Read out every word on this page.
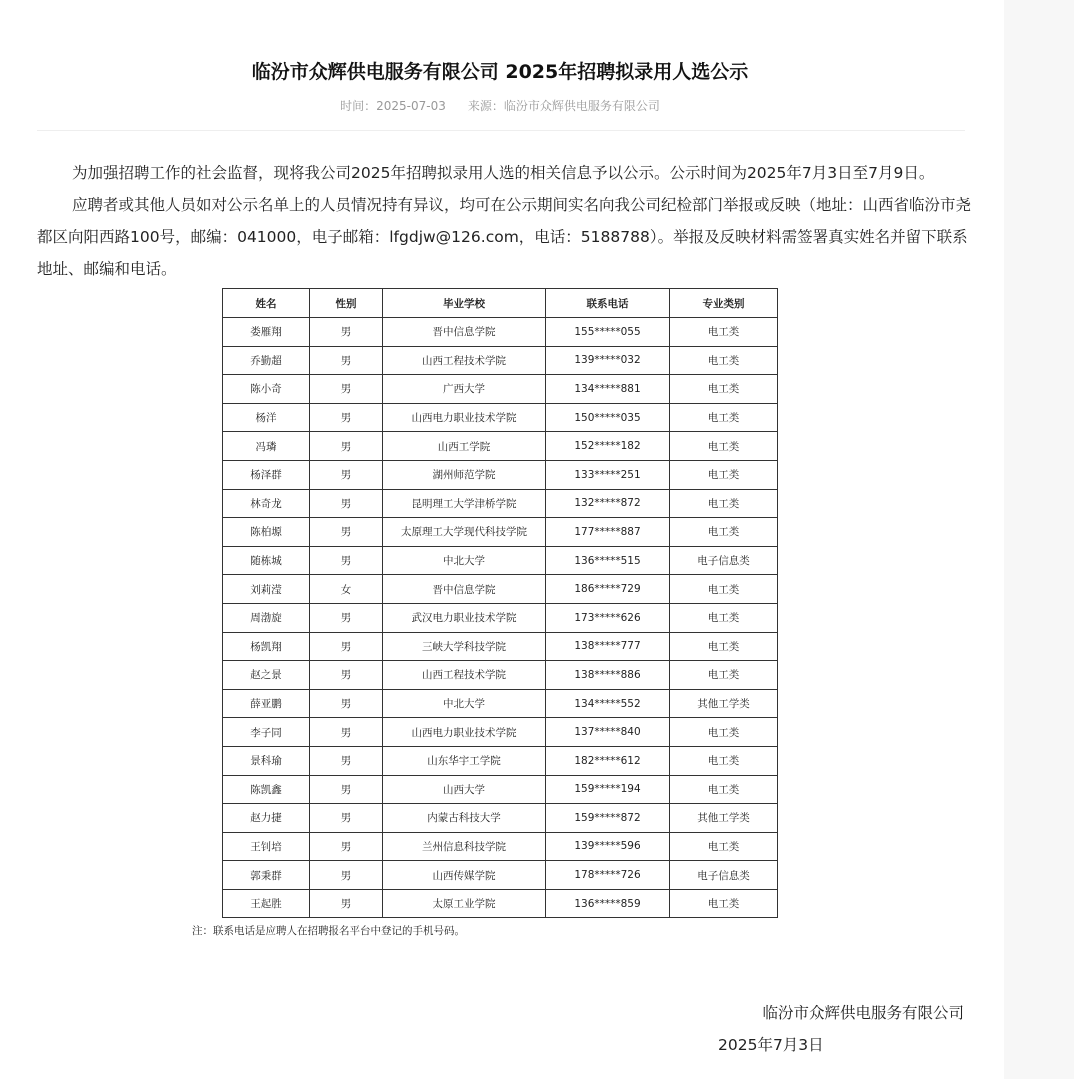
临汾市众辉供电服务有限公司 2025年招聘拟录用人选公示
时间：2025-07-03 来源：临汾市众辉供电服务有限公司
为加强招聘工作的社会监督，现将我公司2025年招聘拟录用人选的相关信息予以公示。公示时间为2025年7月3日至7月9日。
应聘者或其他人员如对公示名单上的人员情况持有异议，均可在公示期间实名向我公司纪检部门举报或反映（地址：山西省临汾市尧都区向阳西路100号，邮编：041000，电子邮箱：lfgdjw@126.com，电话：5188788）。举报及反映材料需签署真实姓名并留下联系地址、邮编和电话。
姓名	性别	毕业学校	联系电话	专业类别
娄雁翔	男	晋中信息学院	155*****055	电工类
乔勤超	男	山西工程技术学院	139*****032	电工类
陈小奇	男	广西大学	134*****881	电工类
杨洋	男	山西电力职业技术学院	150*****035	电工类
冯璘	男	山西工学院	152*****182	电工类
杨泽群	男	湖州师范学院	133*****251	电工类
林奇龙	男	昆明理工大学津桥学院	132*****872	电工类
陈柏塬	男	太原理工大学现代科技学院	177*****887	电工类
随栋城	男	中北大学	136*****515	电子信息类
刘莉滢	女	晋中信息学院	186*****729	电工类
周渤旋	男	武汉电力职业技术学院	173*****626	电工类
杨凯翔	男	三峡大学科技学院	138*****777	电工类
赵之景	男	山西工程技术学院	138*****886	电工类
薛亚鹏	男	中北大学	134*****552	其他工学类
李子同	男	山西电力职业技术学院	137*****840	电工类
景科瑜	男	山东华宇工学院	182*****612	电工类
陈凯鑫	男	山西大学	159*****194	电工类
赵力捷	男	内蒙古科技大学	159*****872	其他工学类
王钊培	男	兰州信息科技学院	139*****596	电工类
郭秉群	男	山西传媒学院	178*****726	电子信息类
王起胜	男	太原工业学院	136*****859	电工类
注：联系电话是应聘人在招聘报名平台中登记的手机号码。
临汾市众辉供电服务有限公司
2025年7月3日
